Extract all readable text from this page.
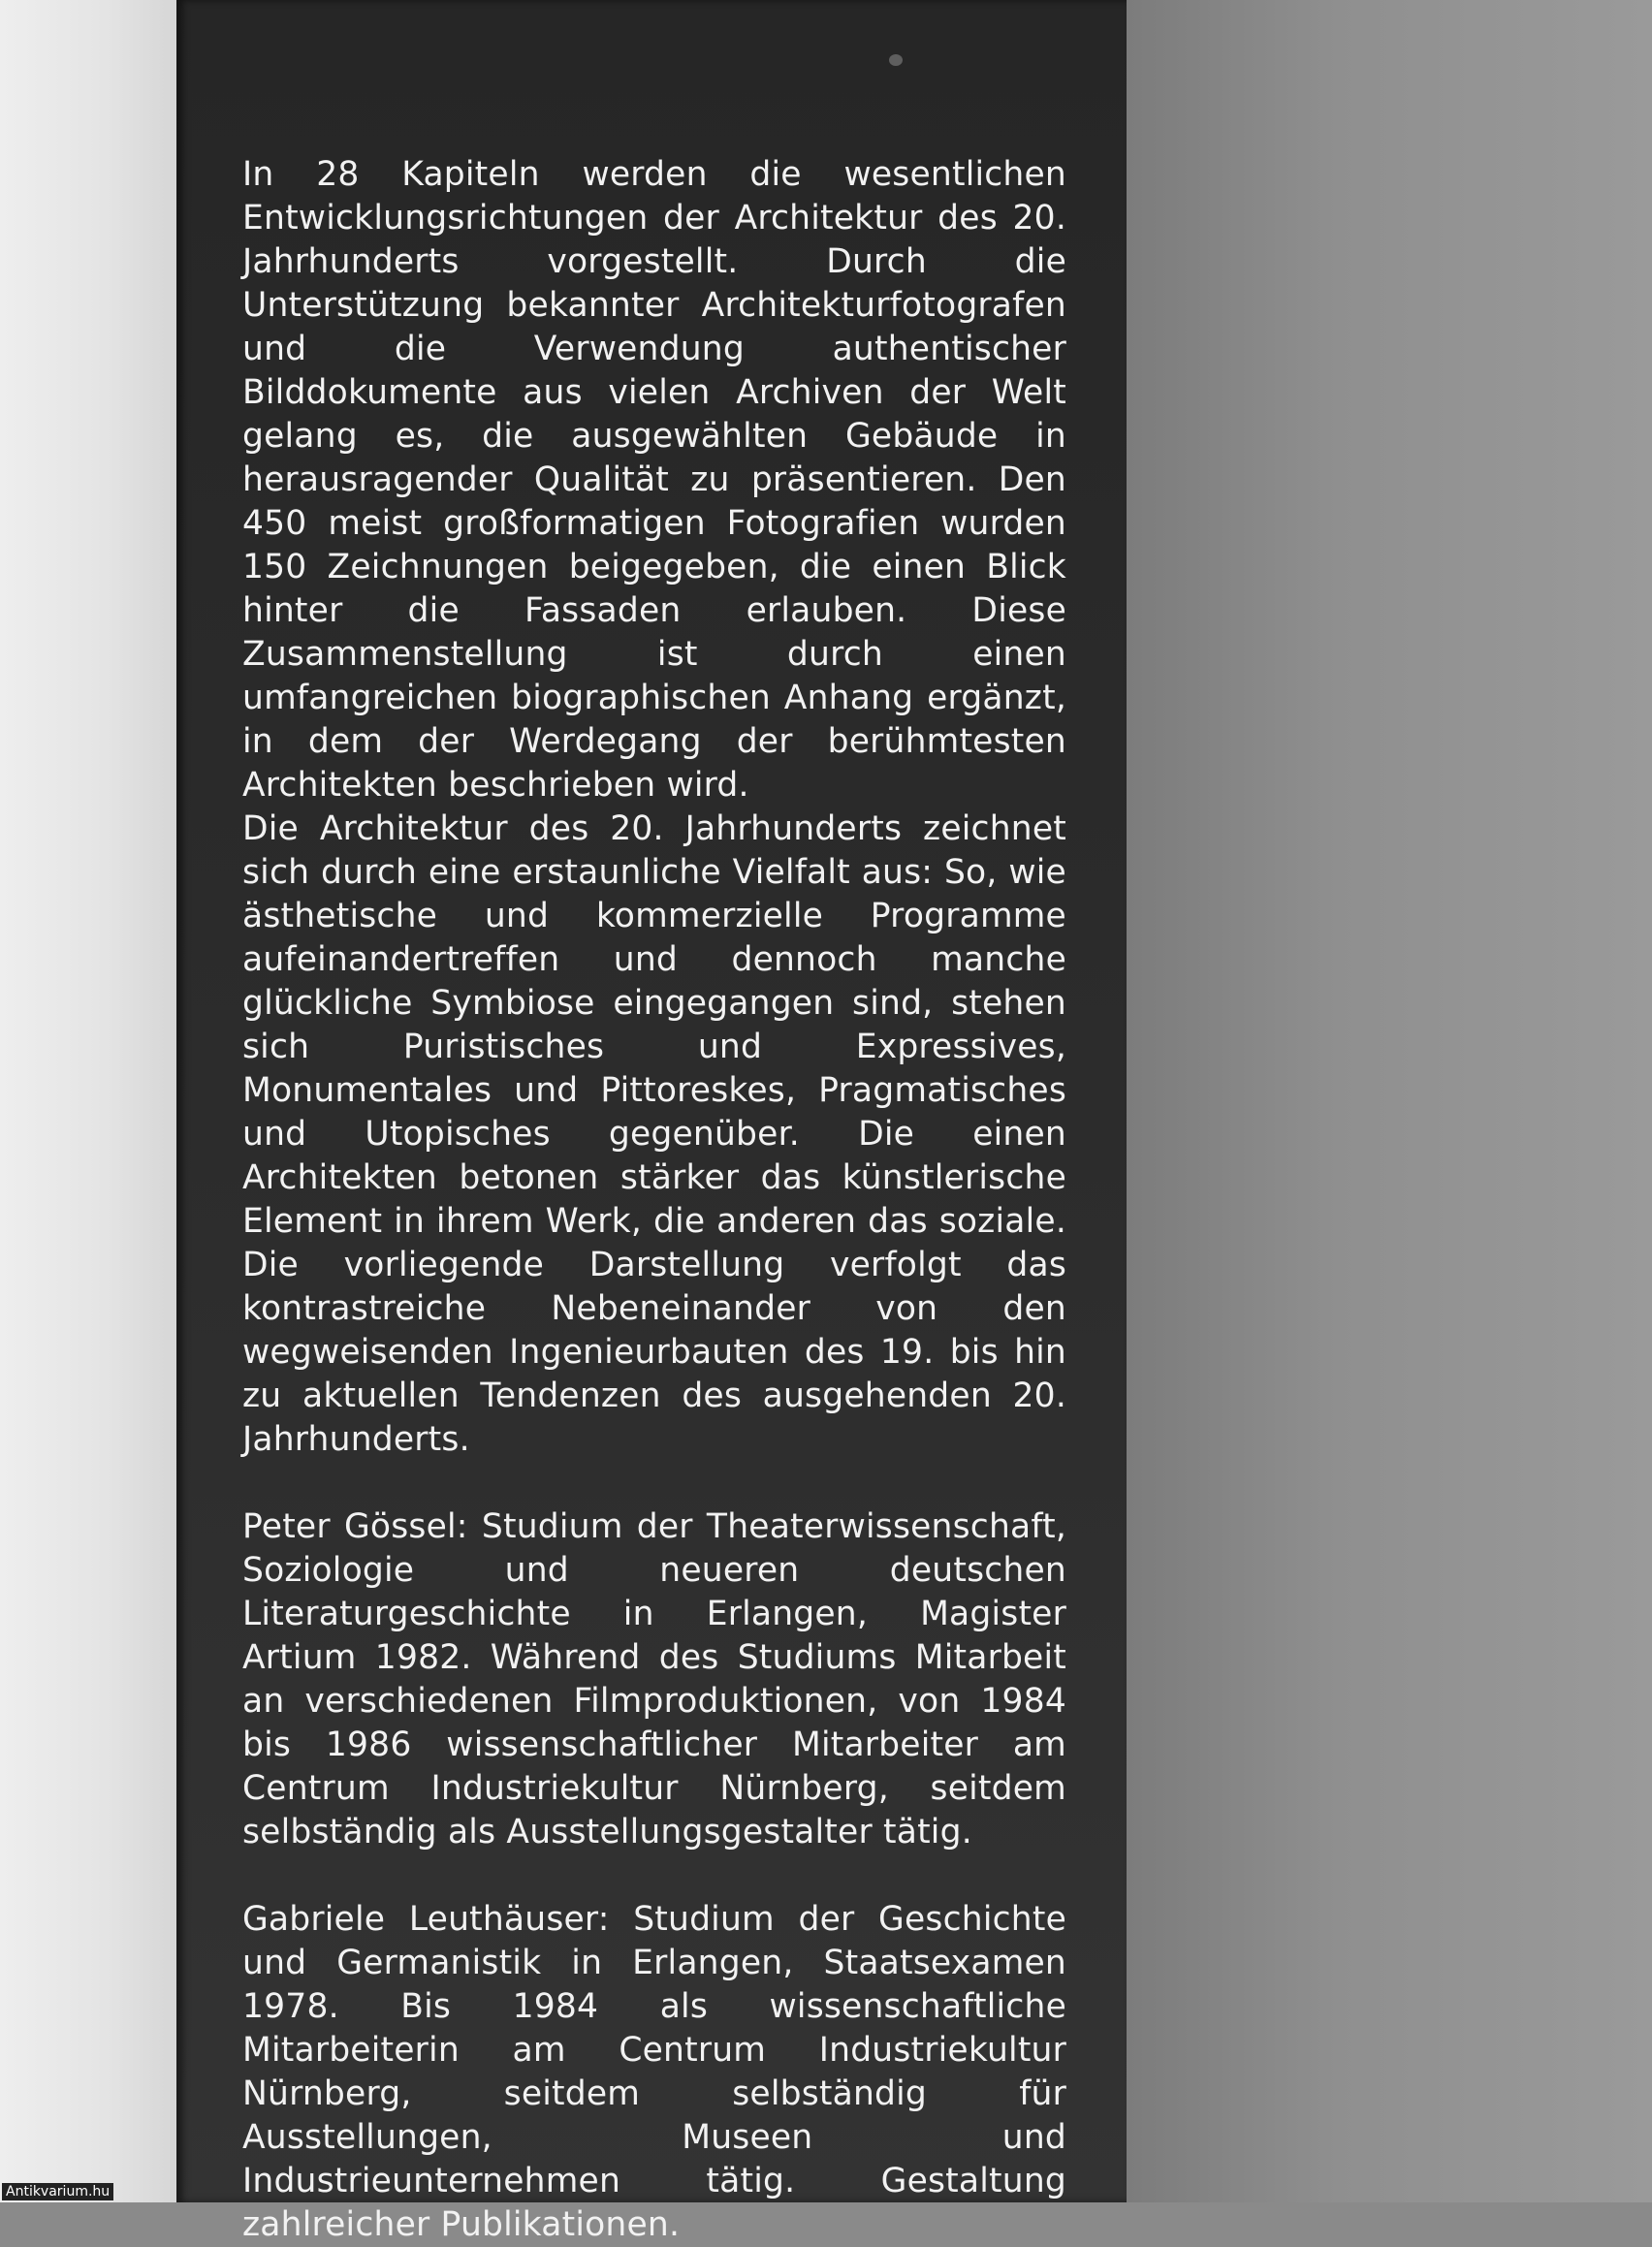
In 28 Kapiteln werden die wesentlichen Entwicklungsrichtungen der Architektur des 20. Jahrhunderts vorgestellt. Durch die Unterstützung bekannter Architekturfotografen und die Verwendung authentischer Bilddokumente aus vielen Archiven der Welt gelang es, die ausgewählten Gebäude in herausragender Qualität zu präsentieren. Den 450 meist großformatigen Fotografien wurden 150 Zeichnungen beigegeben, die einen Blick hinter die Fassaden erlauben. Diese Zusammenstellung ist durch einen umfangreichen biographischen Anhang ergänzt, in dem der Werdegang der berühmtesten Architekten beschrieben wird.

Die Architektur des 20. Jahrhunderts zeichnet sich durch eine erstaunliche Vielfalt aus: So, wie ästhetische und kommerzielle Programme aufeinandertreffen und dennoch manche glückliche Symbiose eingegangen sind, stehen sich Puristisches und Expressives, Monumentales und Pittoreskes, Pragmatisches und Utopisches gegenüber. Die einen Architekten betonen stärker das künstlerische Element in ihrem Werk, die anderen das soziale. Die vorliegende Darstellung verfolgt das kontrastreiche Nebeneinander von den wegweisenden Ingenieurbauten des 19. bis hin zu aktuellen Tendenzen des ausgehenden 20. Jahrhunderts.

Peter Gössel: Studium der Theaterwissenschaft, Soziologie und neueren deutschen Literaturgeschichte in Erlangen, Magister Artium 1982. Während des Studiums Mitarbeit an verschiedenen Filmproduktionen, von 1984 bis 1986 wissenschaftlicher Mitarbeiter am Centrum Industriekultur Nürnberg, seitdem selbständig als Ausstellungsgestalter tätig.

Gabriele Leuthäuser: Studium der Geschichte und Germanistik in Erlangen, Staatsexamen 1978. Bis 1984 als wissenschaftliche Mitarbeiterin am Centrum Industriekultur Nürnberg, seitdem selbständig für Ausstellungen, Museen und Industrieunternehmen tätig. Gestaltung zahlreicher Publikationen.

Antikvarium.hu
